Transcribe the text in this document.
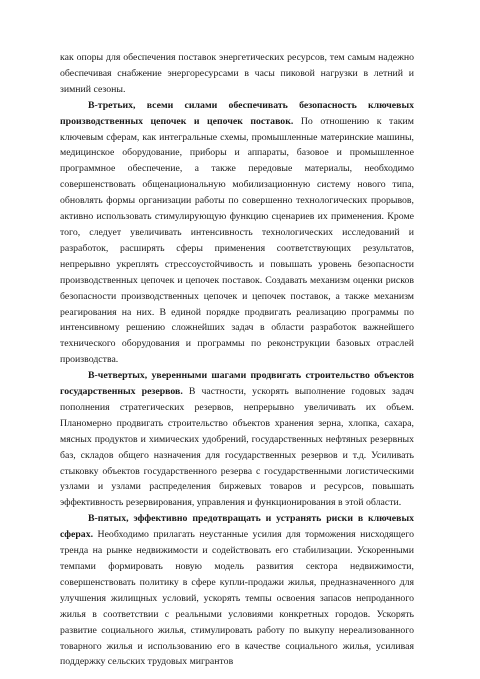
как опоры для обеспечения поставок энергетических ресурсов, тем самым надежно обеспечивая снабжение энергоресурсами в часы пиковой нагрузки в летний и зимний сезоны.

В-третьих, всеми силами обеспечивать безопасность ключевых производственных цепочек и цепочек поставок. По отношению к таким ключевым сферам, как интегральные схемы, промышленные материнские машины, медицинское оборудование, приборы и аппараты, базовое и промышленное программное обеспечение, а также передовые материалы, необходимо совершенствовать общенациональную мобилизационную систему нового типа, обновлять формы организации работы по совершенно технологических прорывов, активно использовать стимулирующую функцию сценариев их применения. Кроме того, следует увеличивать интенсивность технологических исследований и разработок, расширять сферы применения соответствующих результатов, непрерывно укреплять стрессоустойчивость и повышать уровень безопасности производственных цепочек и цепочек поставок. Создавать механизм оценки рисков безопасности производственных цепочек и цепочек поставок, а также механизм реагирования на них. В единой порядке продвигать реализацию программы по интенсивному решению сложнейших задач в области разработок важнейшего технического оборудования и программы по реконструкции базовых отраслей производства.

В-четвертых, уверенными шагами продвигать строительство объектов государственных резервов. В частности, ускорять выполнение годовых задач пополнения стратегических резервов, непрерывно увеличивать их объем. Планомерно продвигать строительство объектов хранения зерна, хлопка, сахара, мясных продуктов и химических удобрений, государственных нефтяных резервных баз, складов общего назначения для государственных резервов и т.д. Усиливать стыковку объектов государственного резерва с государственными логистическими узлами и узлами распределения биржевых товаров и ресурсов, повышать эффективность резервирования, управления и функционирования в этой области.

В-пятых, эффективно предотвращать и устранять риски в ключевых сферах. Необходимо прилагать неустанные усилия для торможения нисходящего тренда на рынке недвижимости и содействовать его стабилизации. Ускоренными темпами формировать новую модель развития сектора недвижимости, совершенствовать политику в сфере купли-продажи жилья, предназначенного для улучшения жилищных условий, ускорять темпы освоения запасов непроданного жилья в соответствии с реальными условиями конкретных городов. Ускорять развитие социального жилья, стимулировать работу по выкупу нереализованного товарного жилья и использованию его в качестве социального жилья, усиливая поддержку сельских трудовых мигрантов
